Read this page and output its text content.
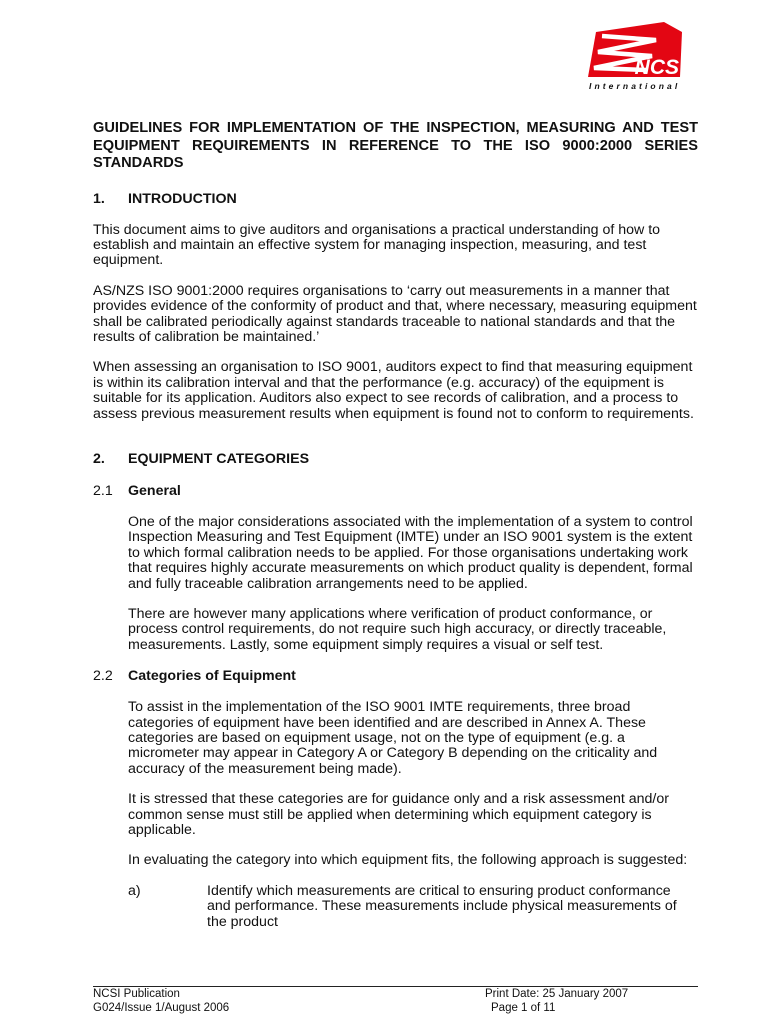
NCS
International
GUIDELINES FOR IMPLEMENTATION OF THE INSPECTION, MEASURING AND TEST EQUIPMENT REQUIREMENTS IN REFERENCE TO THE ISO 9000:2000 SERIES STANDARDS
1.	INTRODUCTION

This document aims to give auditors and organisations a practical understanding of how to establish and maintain an effective system for managing inspection, measuring, and test equipment.

AS/NZS ISO 9001:2000 requires organisations to ‘carry out measurements in a manner that provides evidence of the conformity of product and that, where necessary, measuring equipment shall be calibrated periodically against standards traceable to national standards and that the results of calibration be maintained.’

When assessing an organisation to ISO 9001, auditors expect to find that measuring equipment is within its calibration interval and that the performance (e.g. accuracy) of the equipment is suitable for its application. Auditors also expect to see records of calibration, and a process to assess previous measurement results when equipment is found not to conform to requirements.

2.	EQUIPMENT CATEGORIES
2.1	General

One of the major considerations associated with the implementation of a system to control Inspection Measuring and Test Equipment (IMTE) under an ISO 9001 system is the extent to which formal calibration needs to be applied. For those organisations undertaking work that requires highly accurate measurements on which product quality is dependent, formal and fully traceable calibration arrangements need to be applied.

There are however many applications where verification of product conformance, or process control requirements, do not require such high accuracy, or directly traceable, measurements. Lastly, some equipment simply requires a visual or self test.

2.2	Categories of Equipment

To assist in the implementation of the ISO 9001 IMTE requirements, three broad categories of equipment have been identified and are described in Annex A. These categories are based on equipment usage, not on the type of equipment (e.g. a micrometer may appear in Category A or Category B depending on the criticality and accuracy of the measurement being made).

It is stressed that these categories are for guidance only and a risk assessment and/or common sense must still be applied when determining which equipment category is applicable.

In evaluating the category into which equipment fits, the following approach is suggested:

a)	Identify which measurements are critical to ensuring product conformance and performance. These measurements include physical measurements of the product
NCSI Publication
G024/Issue 1/August 2006
Print Date: 25 January 2007
Page 1 of 11
